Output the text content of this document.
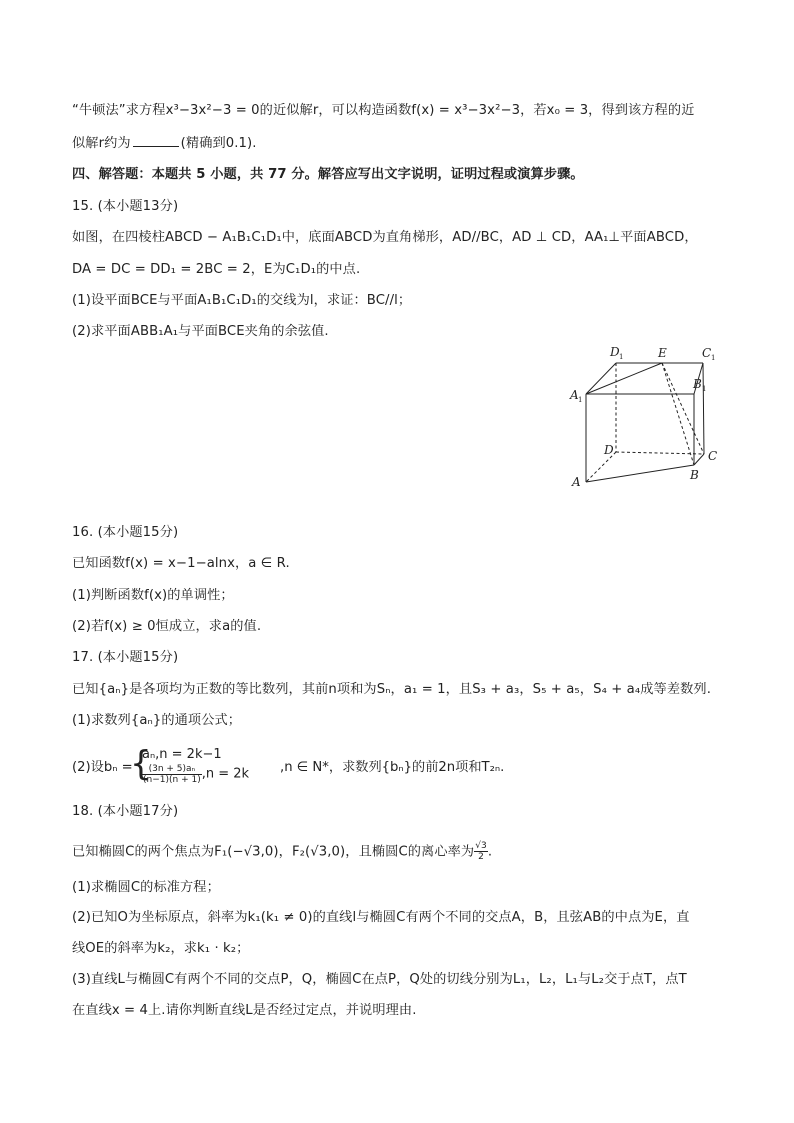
“牛顿法”求方程x³−3x²−3 = 0的近似解r，可以构造函数f(x) = x³−3x²−3，若x₀ = 3，得到该方程的近
似解r约为	(精确到0.1).
四、解答题：本题共 5 小题，共 77 分。解答应写出文字说明，证明过程或演算步骤。
15. (本小题13分)
如图，在四棱柱ABCD − A₁B₁C₁D₁中，底面ABCD为直角梯形，AD//BC，AD ⊥ CD，AA₁⊥平面ABCD，
DA = DC = DD₁ = 2BC = 2，E为C₁D₁的中点.
(1)设平面BCE与平面A₁B₁C₁D₁的交线为l，求证：BC//l；
(2)求平面ABB₁A₁与平面BCE夹角的余弦值.
D 1	E	C 1
A 1
B 1
D	C
A	B
16. (本小题15分)
已知函数f(x) = x−1−alnx，a ∈ R.
(1)判断函数f(x)的单调性；
(2)若f(x) ≥ 0恒成立，求a的值.
17. (本小题15分)
已知{aₙ}是各项均为正数的等比数列，其前n项和为Sₙ，a₁ = 1，且S₃ + a₃，S₅ + a₅，S₄ + a₄成等差数列.
(1)求数列{aₙ}的通项公式；
(2)设bₙ =
{
aₙ,n = 2k−1
$\frac{\text{(3n + 5)aₙ}}{(n-1)(n + 1)} ,n = 2k$ ,n ∈ N*，求数列{bₙ}的前2n项和T₂ₙ.
18. (本小题17分)
已知椭圆C的两个焦点为F₁(−√3,0)，F₂(√3,0)，且椭圆C的离心率为 $\frac{√3}{2}$ .
(1)求椭圆C的标准方程；
(2)已知O为坐标原点，斜率为k₁(k₁ ≠ 0)的直线l与椭圆C有两个不同的交点A，B，且弦AB的中点为E，直
线OE的斜率为k₂，求k₁ · k₂；
(3)直线L与椭圆C有两个不同的交点P，Q，椭圆C在点P，Q处的切线分别为L₁，L₂，L₁与L₂交于点T，点T
在直线x = 4上.请你判断直线L是否经过定点，并说明理由.
